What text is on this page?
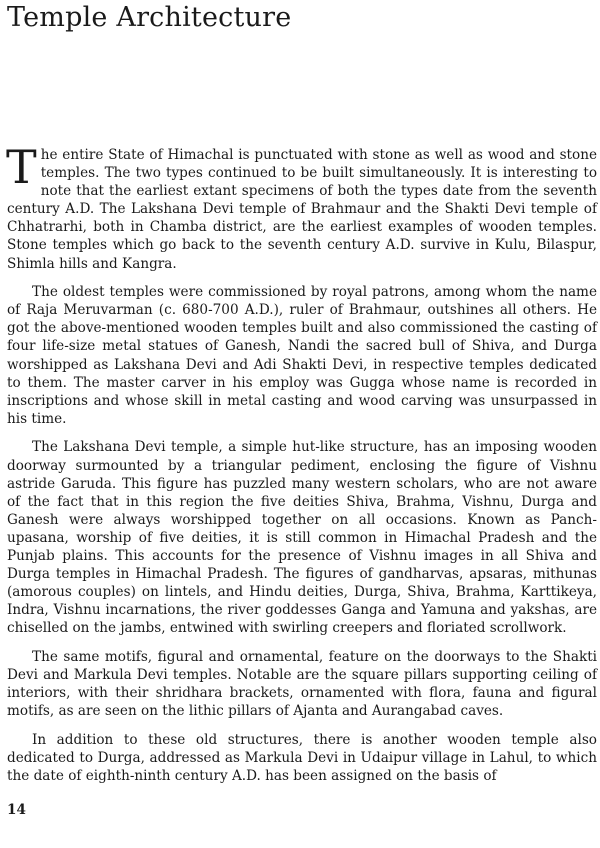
Temple Architecture

The entire State of Himachal is punctuated with stone as well as wood and stone temples. The two types continued to be built simultaneously. It is interesting to note that the earliest extant specimens of both the types date from the seventh century A.D. The Lakshana Devi temple of Brahmaur and the Shakti Devi temple of Chhatrarhi, both in Chamba district, are the earliest examples of wooden temples. Stone temples which go back to the seventh century A.D. survive in Kulu, Bilaspur, Shimla hills and Kangra.

The oldest temples were commissioned by royal patrons, among whom the name of Raja Meruvarman (c. 680-700 A.D.), ruler of Brahmaur, outshines all others. He got the above-mentioned wooden temples built and also commissioned the casting of four life-size metal statues of Ganesh, Nandi the sacred bull of Shiva, and Durga worshipped as Lakshana Devi and Adi Shakti Devi, in respective temples dedicated to them. The master carver in his employ was Gugga whose name is recorded in inscriptions and whose skill in metal casting and wood carving was unsurpassed in his time.

The Lakshana Devi temple, a simple hut-like structure, has an imposing wooden doorway surmounted by a triangular pediment, enclosing the figure of Vishnu astride Garuda. This figure has puzzled many western scholars, who are not aware of the fact that in this region the five deities Shiva, Brahma, Vishnu, Durga and Ganesh were always worshipped together on all occasions. Known as Panch-upasana, worship of five deities, it is still common in Himachal Pradesh and the Punjab plains. This accounts for the presence of Vishnu images in all Shiva and Durga temples in Himachal Pradesh. The figures of gandharvas, apsaras, mithunas (amorous couples) on lintels, and Hindu deities, Durga, Shiva, Brahma, Karttikeya, Indra, Vishnu incarnations, the river goddesses Ganga and Yamuna and yakshas, are chiselled on the jambs, entwined with swirling creepers and floriated scrollwork.

The same motifs, figural and ornamental, feature on the doorways to the Shakti Devi and Markula Devi temples. Notable are the square pillars supporting ceiling of interiors, with their shridhara brackets, ornamented with flora, fauna and figural motifs, as are seen on the lithic pillars of Ajanta and Aurangabad caves.

In addition to these old structures, there is another wooden temple also dedicated to Durga, addressed as Markula Devi in Udaipur village in Lahul, to which the date of eighth-ninth century A.D. has been assigned on the basis of

14
